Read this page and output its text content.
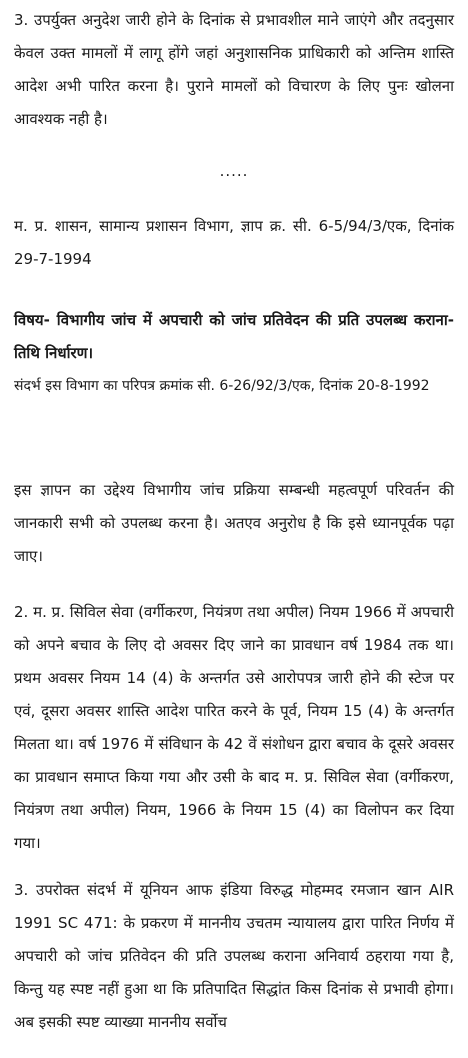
3. उपर्युक्त अनुदेश जारी होने के दिनांक से प्रभावशील माने जाएंगे और तदनुसार केवल उक्त मामलों में लागू होंगे जहां अनुशासनिक प्राधिकारी को अन्तिम शास्ति आदेश अभी पारित करना है। पुराने मामलों को विचारण के लिए पुनः खोलना आवश्यक नही है।

.....

म. प्र. शासन, सामान्य प्रशासन विभाग, ज्ञाप क्र. सी. 6-5/94/3/एक, दिनांक 29-7-1994

विषय- विभागीय जांच में अपचारी को जांच प्रतिवेदन की प्रति उपलब्ध कराना- तिथि निर्धारण।

संदर्भ इस विभाग का परिपत्र क्रमांक सी. 6-26/92/3/एक, दिनांक 20-8-1992

इस ज्ञापन का उद्देश्य विभागीय जांच प्रक्रिया सम्बन्धी महत्वपूर्ण परिवर्तन की जानकारी सभी को उपलब्ध करना है। अतएव अनुरोध है कि इसे ध्यानपूर्वक पढ़ा जाए।

2. म. प्र. सिविल सेवा (वर्गीकरण, नियंत्रण तथा अपील) नियम 1966 में अपचारी को अपने बचाव के लिए दो अवसर दिए जाने का प्रावधान वर्ष 1984 तक था। प्रथम अवसर नियम 14 (4) के अन्तर्गत उसे आरोपपत्र जारी होने की स्टेज पर एवं, दूसरा अवसर शास्ति आदेश पारित करने के पूर्व, नियम 15 (4) के अन्तर्गत मिलता था। वर्ष 1976 में संविधान के 42 वें संशोधन द्वारा बचाव के दूसरे अवसर का प्रावधान समाप्त किया गया और उसी के बाद म. प्र. सिविल सेवा (वर्गीकरण, नियंत्रण तथा अपील) नियम, 1966 के नियम 15 (4) का विलोपन कर दिया गया।

3. उपरोक्त संदर्भ में यूनियन आफ इंडिया विरुद्ध मोहम्मद रमजान खान AIR 1991 SC 471: के प्रकरण में माननीय उचतम न्यायालय द्वारा पारित निर्णय में अपचारी को जांच प्रतिवेदन की प्रति उपलब्ध कराना अनिवार्य ठहराया गया है, किन्तु यह स्पष्ट नहीं हुआ था कि प्रतिपादित सिद्धांत किस दिनांक से प्रभावी होगा। अब इसकी स्पष्ट व्याख्या माननीय सर्वोच
